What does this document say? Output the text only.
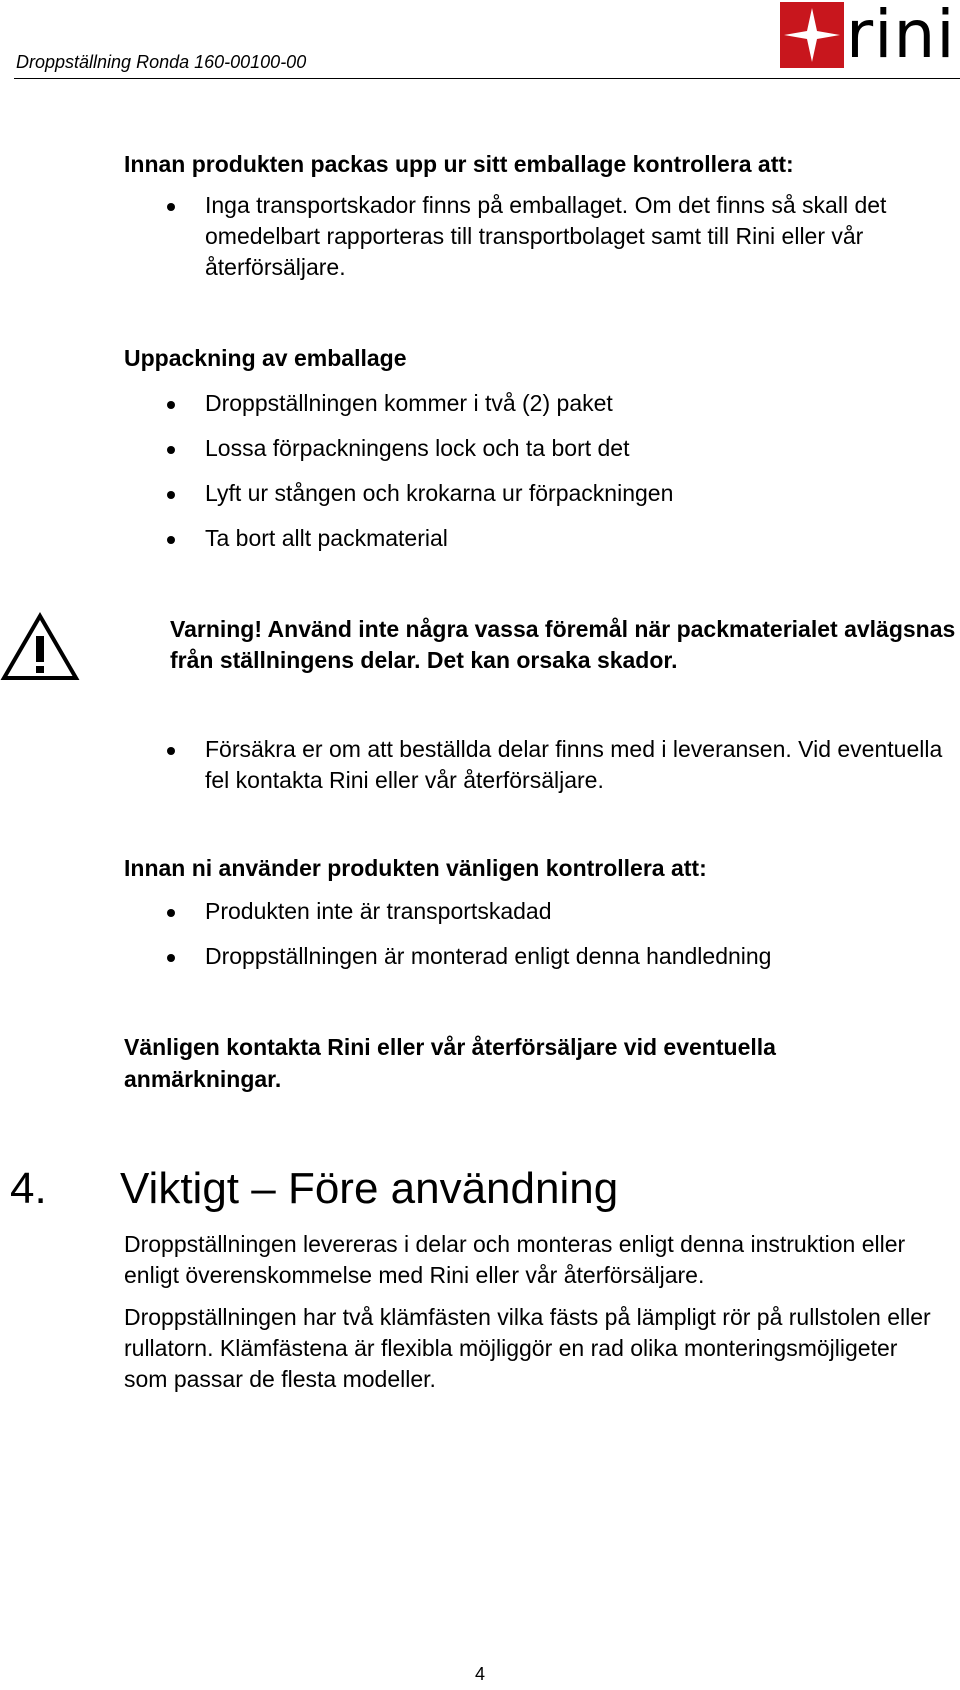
Droppställning Ronda 160-00100-00	rini

Innan produkten packas upp ur sitt emballage kontrollera att:

Inga transportskador finns på emballaget. Om det finns så skall det omedelbart rapporteras till transportbolaget samt till Rini eller vår återförsäljare.

Uppackning av emballage

Droppställningen kommer i två (2) paket
Lossa förpackningens lock och ta bort det
Lyft ur stången och krokarna ur förpackningen
Ta bort allt packmaterial
Varning! Använd inte några vassa föremål när packmaterialet avlägsnas från ställningens delar. Det kan orsaka skador.
Försäkra er om att beställda delar finns med i leveransen. Vid eventuella fel kontakta Rini eller vår återförsäljare.

Innan ni använder produkten vänligen kontrollera att:

Produkten inte är transportskadad
Droppställningen är monterad enligt denna handledning

Vänligen kontakta Rini eller vår återförsäljare vid eventuella anmärkningar.

4. Viktigt – Före användning

Droppställningen levereras i delar och monteras enligt denna instruktion eller enligt överenskommelse med Rini eller vår återförsäljare.

Droppställningen har två klämfästen vilka fästs på lämpligt rör på rullstolen eller rullatorn. Klämfästena är flexibla möjliggör en rad olika monteringsmöjligeter som passar de flesta modeller.

4
